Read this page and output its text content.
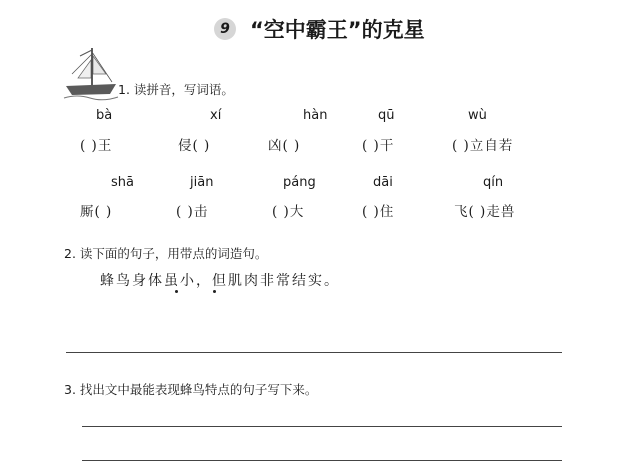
9 “空中霸王”的克星
1. 读拼音，写词语。
bà	xí	hàn	qū	wù
( )王	侵( )	凶( )	( )干	( )立自若
shā	jiān	páng	dāi	qín
厮( )	( )击	( )大	( )住	飞( )走兽
2. 读下面的句子，用带点的词造句。
蜂鸟身体虽小，但肌肉非常结实。
3. 找出文中最能表现蜂鸟特点的句子写下来。
